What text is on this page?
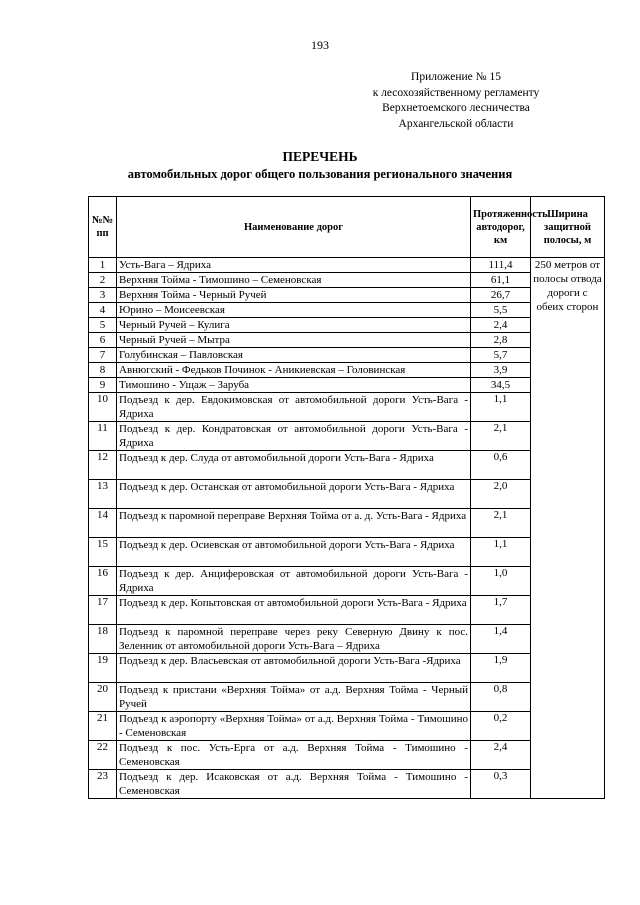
193
Приложение № 15
к лесохозяйственному регламенту
Верхнетоемского лесничества
Архангельской области
ПЕРЕЧЕНЬ
автомобильных дорог общего пользования регионального значения
№№ пп	Наименование дорог	Протяженность автодорог, км	Ширина защитной полосы, м
1	Усть-Вага – Ядриха	111,4	250 метров от полосы отвода дороги с обеих сторон
2	Верхняя Тойма - Тимошино – Семеновская	61,1	
3	Верхняя Тойма - Черный Ручей	26,7	
4	Юрино – Моисеевская	5,5	
5	Черный Ручей – Кулига	2,4	
6	Черный Ручей – Мытра	2,8	
7	Голубинская – Павловская	5,7	
8	Авнюгский - Федьков Починок - Аникиевская – Головинская	3,9	
9	Тимошино - Ущаж – Заруба	34,5	
10	Подъезд к дер. Евдокимовская от автомобильной дороги Усть-Вага - Ядриха	1,1	
11	Подъезд к дер. Кондратовская от автомобильной дороги Усть-Вага - Ядриха	2,1	
12	Подъезд к дер. Слуда от автомобильной дороги Усть-Вага - Ядриха	0,6	
13	Подъезд к дер. Останская от автомобильной дороги Усть-Вага - Ядриха	2,0	
14	Подъезд к паромной переправе Верхняя Тойма от а. д. Усть-Вага - Ядриха	2,1	
15	Подъезд к дер. Осиевская от автомобильной дороги Усть-Вага - Ядриха	1,1	
16	Подъезд к дер. Анциферовская от автомобильной дороги Усть-Вага - Ядриха	1,0	
17	Подъезд к дер. Копытовская от автомобильной дороги Усть-Вага - Ядриха	1,7	
18	Подъезд к паромной переправе через реку Северную Двину к пос. Зеленник от автомобильной дороги Усть-Вага – Ядриха	1,4	
19	Подъезд к дер. Власьевская от автомобильной дороги Усть-Вага -Ядриха	1,9	
20	Подъезд к пристани «Верхняя Тойма» от а.д. Верхняя Тойма - Черный Ручей	0,8	
21	Подъезд к аэропорту «Верхняя Тойма» от а.д. Верхняя Тойма - Тимошино - Семеновская	0,2	
22	Подъезд к пос. Усть-Ерга от а.д. Верхняя Тойма - Тимошино - Семеновская	2,4	
23	Подъезд к дер. Исаковская от а.д. Верхняя Тойма - Тимошино - Семеновская	0,3	
